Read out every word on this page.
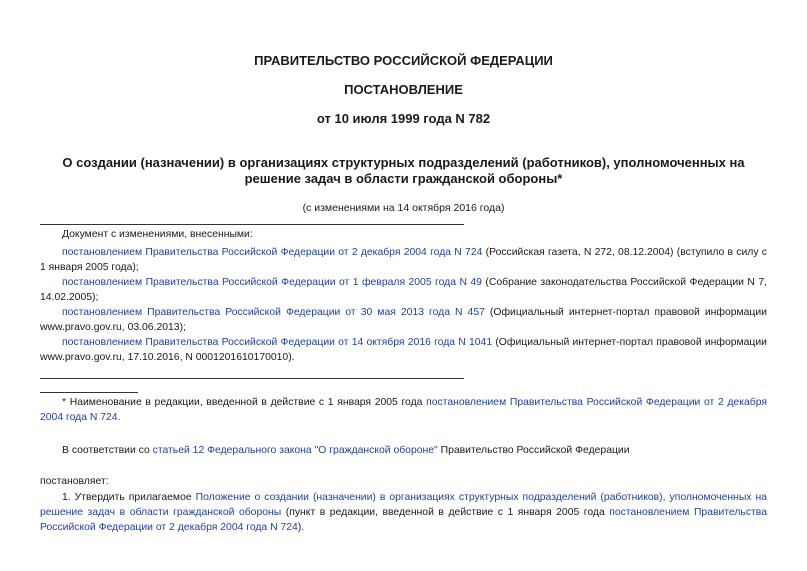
ПРАВИТЕЛЬСТВО РОССИЙСКОЙ ФЕДЕРАЦИИ
ПОСТАНОВЛЕНИЕ
от 10 июля 1999 года N 782
О создании (назначении) в организациях структурных подразделений (работников), уполномоченных на
решение задач в области гражданской обороны*
(с изменениями на 14 октября 2016 года)
Документ с изменениями, внесенными:
постановлением Правительства Российской Федерации от 2 декабря 2004 года N 724 (Российская газета, N 272, 08.12.2004) (вступило в силу с 1 января 2005 года);
постановлением Правительства Российской Федерации от 1 февраля 2005 года N 49 (Собрание законодательства Российской Федерации N 7, 14.02.2005);
постановлением Правительства Российской Федерации от 30 мая 2013 года N 457 (Официальный интернет-портал правовой информации www.pravo.gov.ru, 03.06.2013);
постановлением Правительства Российской Федерации от 14 октября 2016 года N 1041 (Официальный интернет-портал правовой информации www.pravo.gov.ru, 17.10.2016, N 0001201610170010).
* Наименование в редакции, введенной в действие с 1 января 2005 года постановлением Правительства Российской Федерации от 2 декабря 2004 года N 724.
В соответствии со статьей 12 Федерального закона "О гражданской обороне" Правительство Российской Федерации
постановляет:
1. Утвердить прилагаемое Положение о создании (назначении) в организациях структурных подразделений (работников), уполномоченных на решение задач в области гражданской обороны (пункт в редакции, введенной в действие с 1 января 2005 года постановлением Правительства Российской Федерации от 2 декабря 2004 года N 724).
